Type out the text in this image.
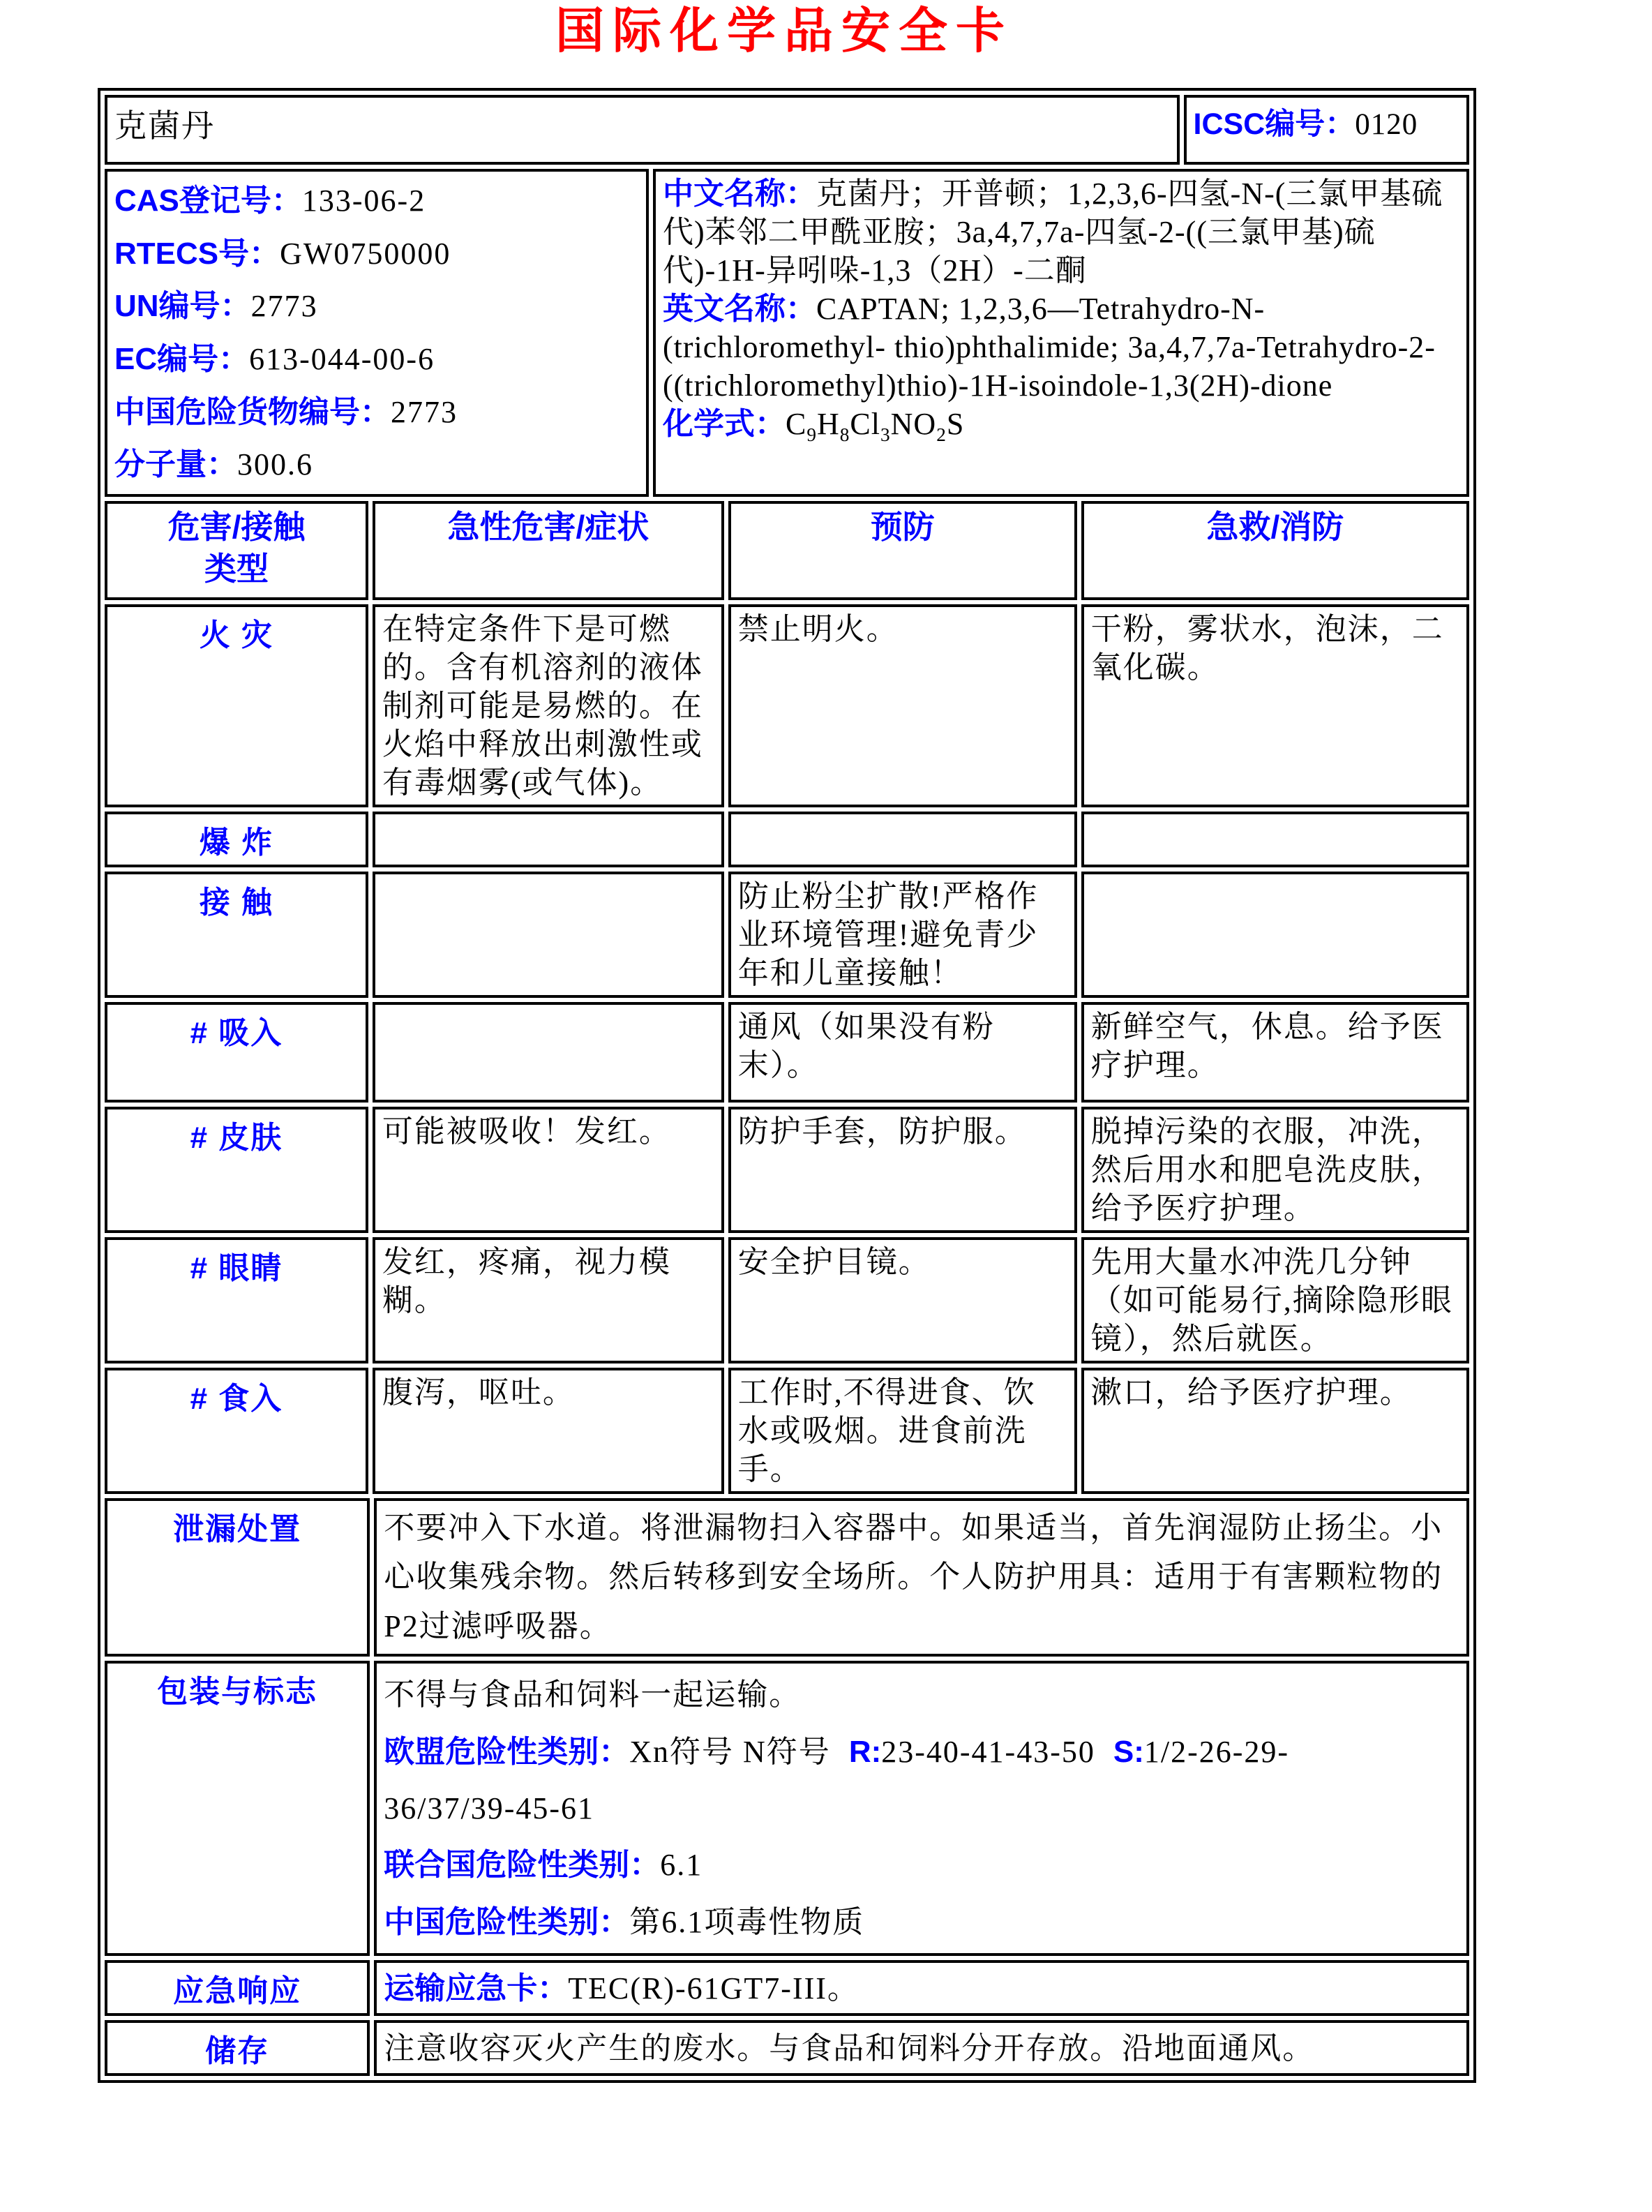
国际化学品安全卡
克菌丹	ICSC编号：0120
CAS登记号：133-06-2
RTECS号：GW0750000
UN编号：2773
EC编号：613-044-00-6
中国危险货物编号：2773
分子量：300.6

中文名称：克菌丹；开普顿；1,2,3,6-四氢-N-(三氯甲基硫代)苯邻二甲酰亚胺；3a,4,7,7a-四氢-2-((三氯甲基)硫代)-1H-异吲哚-1,3（2H）-二酮

英文名称：CAPTAN; 1,2,3,6—Tetrahydro-N-(trichloromethyl- thio)phthalimide; 3a,4,7,7a-Tetrahydro-2-((trichloromethyl)thio)-1H-isoindole-1,3(2H)-dione

化学式：$C_9H_8Cl_3NO_2S$

危害/接触
类型	急性危害/症状	预防	急救/消防
火 灾	在特定条件下是可燃的。含有机溶剂的液体制剂可能是易燃的。在火焰中释放出刺激性或有毒烟雾(或气体)。	禁止明火。	干粉，雾状水，泡沫，二氧化碳。
爆 炸			
接 触		防止粉尘扩散!严格作业环境管理!避免青少年和儿童接触！	
# 吸入		通风（如果没有粉末）。	新鲜空气，休息。给予医疗护理。
# 皮肤	可能被吸收！发红。	防护手套，防护服。	脱掉污染的衣服，冲洗，然后用水和肥皂洗皮肤，给予医疗护理。
# 眼睛	发红，疼痛，视力模糊。	安全护目镜。	先用大量水冲洗几分钟（如可能易行,摘除隐形眼镜），然后就医。
# 食入	腹泻，呕吐。	工作时,不得进食、饮水或吸烟。进食前洗手。	漱口，给予医疗护理。
泄漏处置	不要冲入下水道。将泄漏物扫入容器中。如果适当，首先润湿防止扬尘。小心收集残余物。然后转移到安全场所。个人防护用具：适用于有害颗粒物的P2过滤呼吸器。

包装与标志	不得与食品和饲料一起运输。
欧盟危险性类别：Xn符号 N符号  R:23-40-41-43-50  S:1/2-26-29-
36/37/39-45-61
联合国危险性类别：6.1
中国危险性类别：第6.1项毒性物质

应急响应	运输应急卡：TEC(R)-61GT7-III。

储存	注意收容灭火产生的废水。与食品和饲料分开存放。沿地面通风。
